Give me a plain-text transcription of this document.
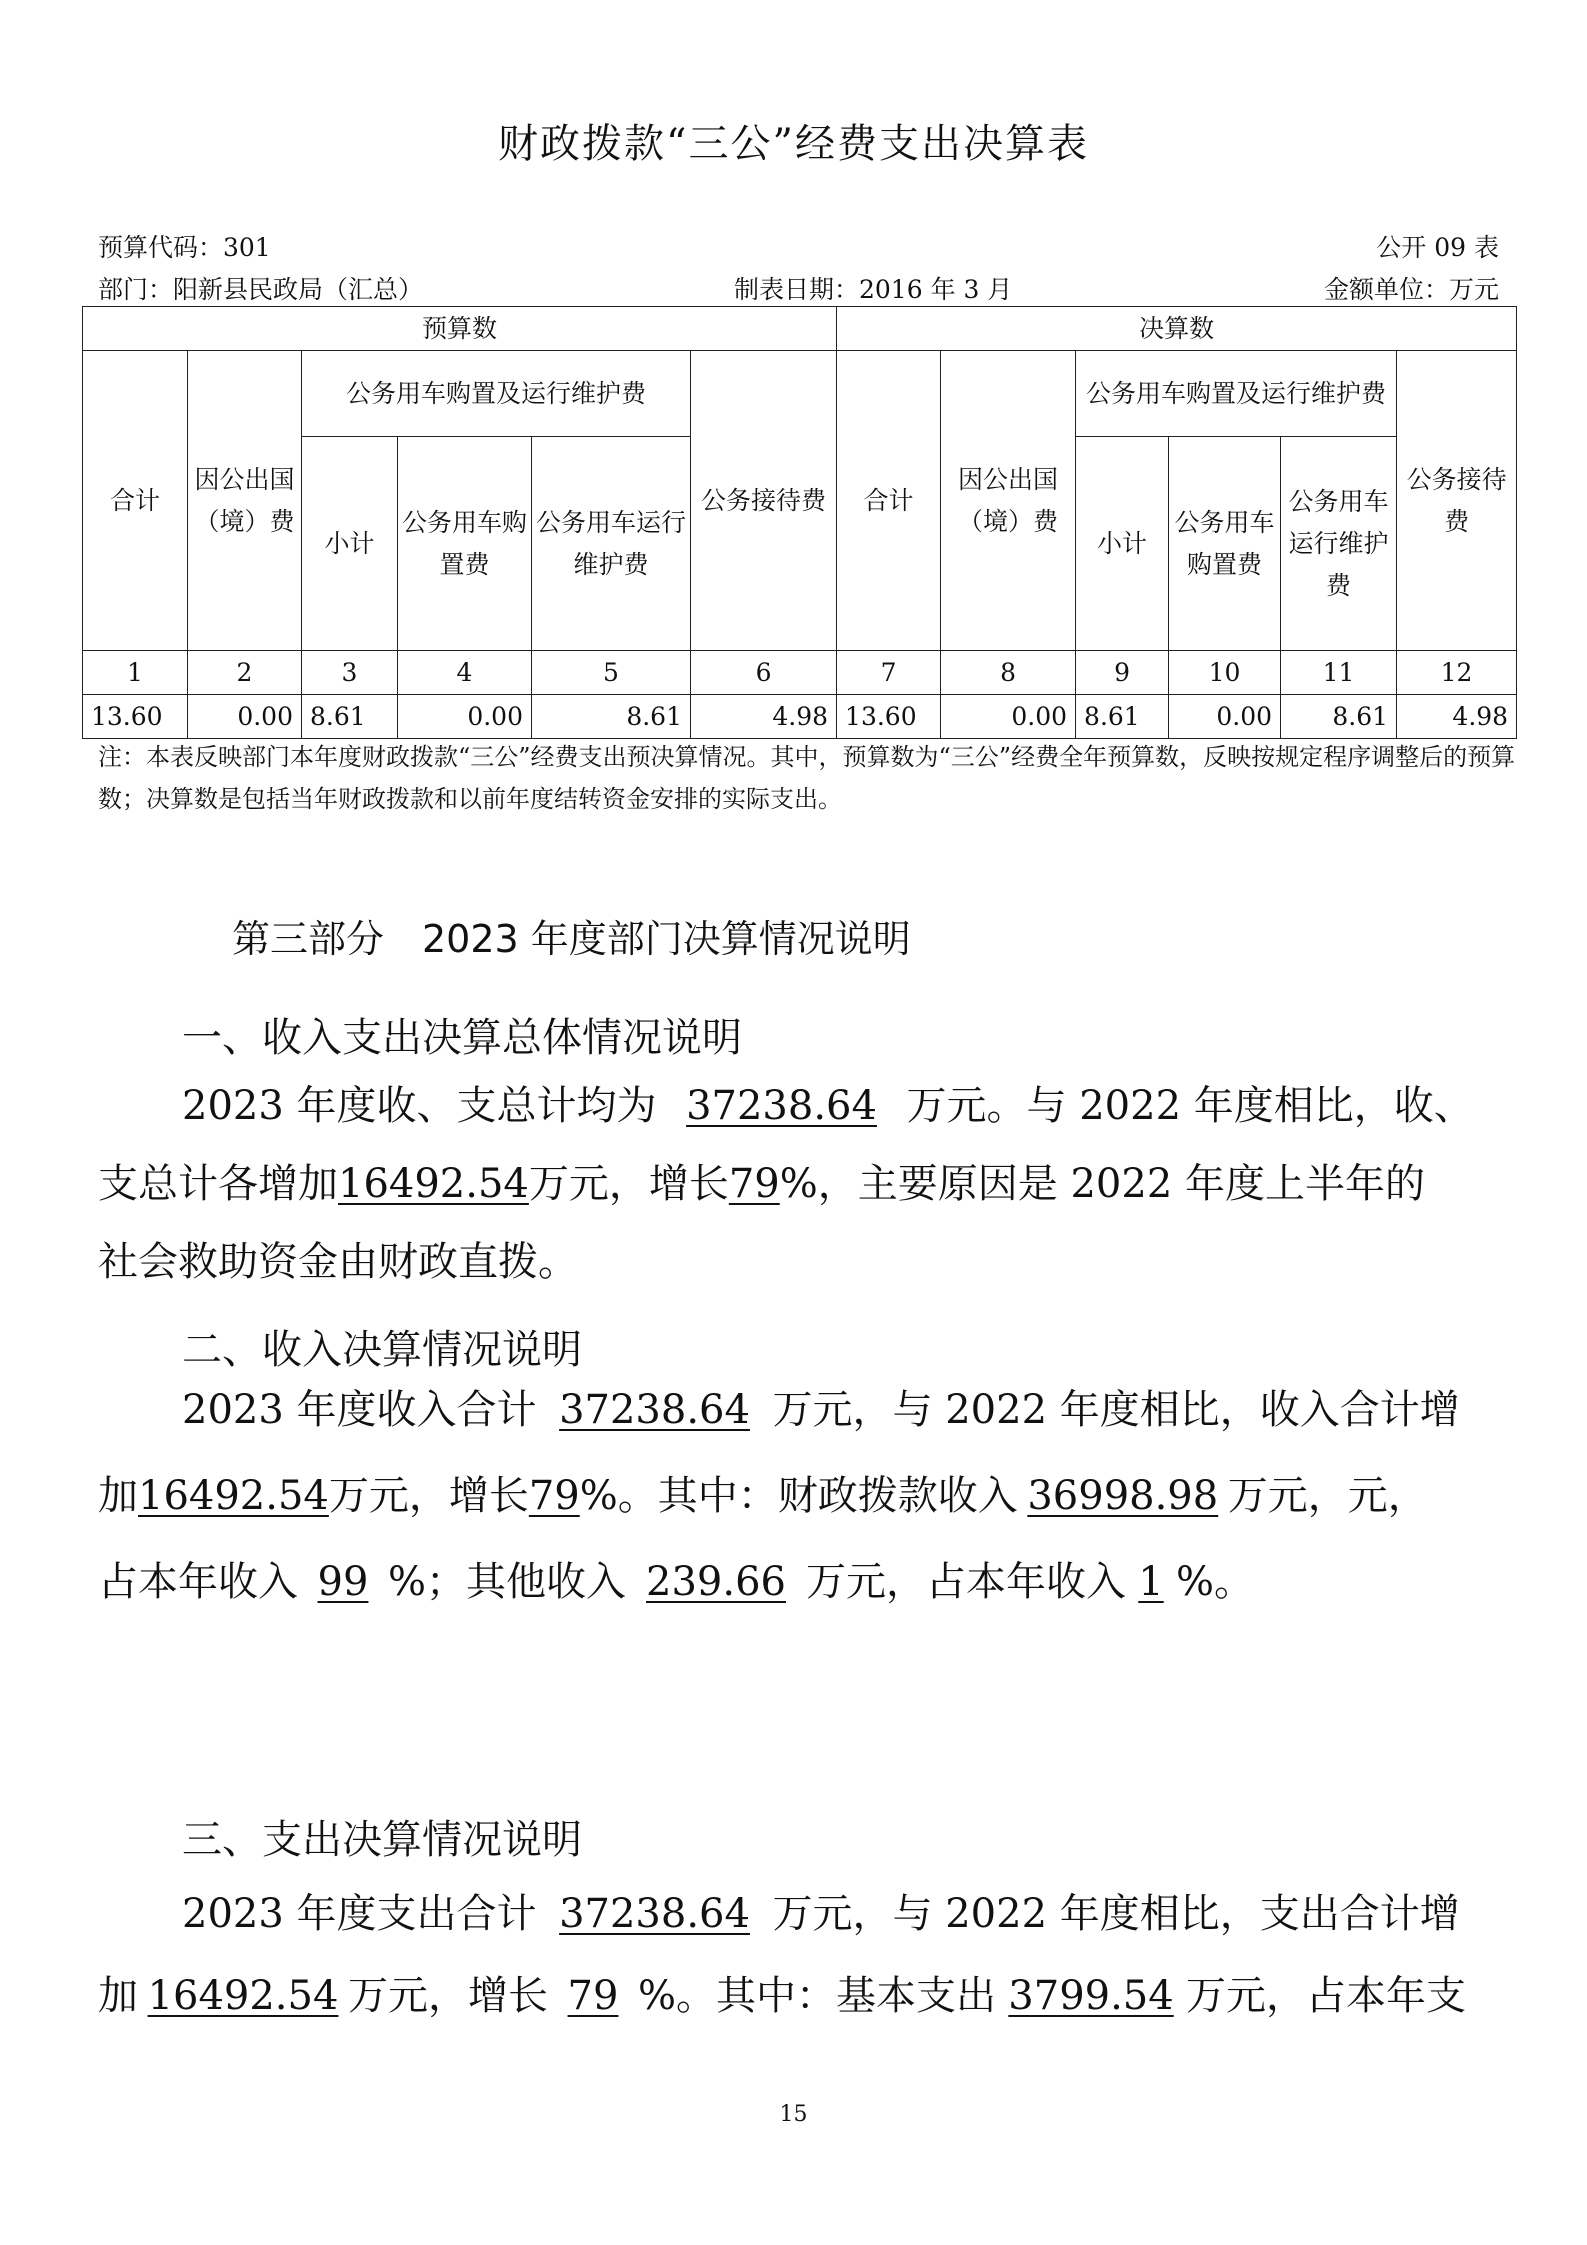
财政拨款“三公”经费支出决算表
预算代码：301	公开 09 表
部门：阳新县民政局（汇总）	制表日期：2016 年 3 月	金额单位：万元
预算数						决算数					
合计	因公出国（境）费	公务用车购置及运行维护费			公务接待费	合计	因公出国（境）费	公务用车购置及运行维护费			公务接待费
		小计	公务用车购置费	公务用车运行维护费				小计	公务用车购置费	公务用车运行维护费	
1	2	3	4	5	6	7	8	9	10	11	12
13.60	0.00	8.61	0.00	8.61	4.98	13.60	0.00	8.61	0.00	8.61	4.98
注：本表反映部门本年度财政拨款“三公”经费支出预决算情况。其中，预算数为“三公”经费全年预算数，反映按规定程序调整后的预算数；决算数是包括当年财政拨款和以前年度结转资金安排的实际支出。
第三部分　2023 年度部门决算情况说明
一、收入支出决算总体情况说明
2023 年度收、支总计均为 37238.64 万元。与 2022 年度相比，收、
支总计各增加16492.54万元，增长79%，主要原因是 2022 年度上半年的
社会救助资金由财政直拨。
二、收入决算情况说明
2023 年度收入合计 37238.64 万元，与 2022 年度相比，收入合计增
加16492.54万元，增长79%。其中：财政拨款收入 36998.98 万元，元，
占本年收入 99 %；其他收入 239.66 万元，占本年收入 1 %。
三、支出决算情况说明
2023 年度支出合计 37238.64 万元，与 2022 年度相比，支出合计增
加 16492.54 万元，增长 79 %。其中：基本支出 3799.54 万元，占本年支
15
